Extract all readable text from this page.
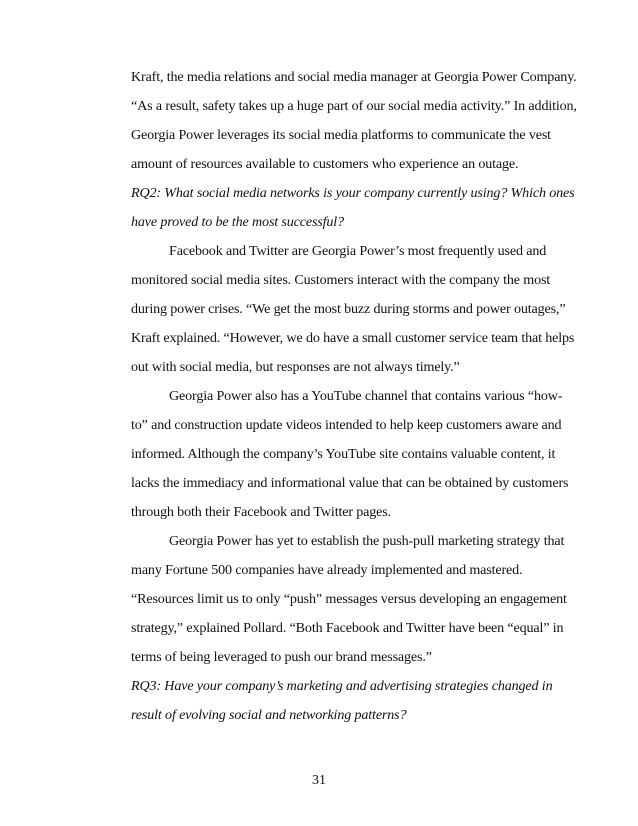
Kraft, the media relations and social media manager at Georgia Power Company.
“As a result, safety takes up a huge part of our social media activity.” In addition,
Georgia Power leverages its social media platforms to communicate the vest
amount of resources available to customers who experience an outage.
RQ2: What social media networks is your company currently using? Which ones
have proved to be the most successful?
Facebook and Twitter are Georgia Power’s most frequently used and
monitored social media sites. Customers interact with the company the most
during power crises. “We get the most buzz during storms and power outages,”
Kraft explained. “However, we do have a small customer service team that helps
out with social media, but responses are not always timely.”
Georgia Power also has a YouTube channel that contains various “how-
to” and construction update videos intended to help keep customers aware and
informed. Although the company’s YouTube site contains valuable content, it
lacks the immediacy and informational value that can be obtained by customers
through both their Facebook and Twitter pages.
Georgia Power has yet to establish the push-pull marketing strategy that
many Fortune 500 companies have already implemented and mastered.
“Resources limit us to only “push” messages versus developing an engagement
strategy,” explained Pollard. “Both Facebook and Twitter have been “equal” in
terms of being leveraged to push our brand messages.”
RQ3: Have your company’s marketing and advertising strategies changed in
result of evolving social and networking patterns?
31
